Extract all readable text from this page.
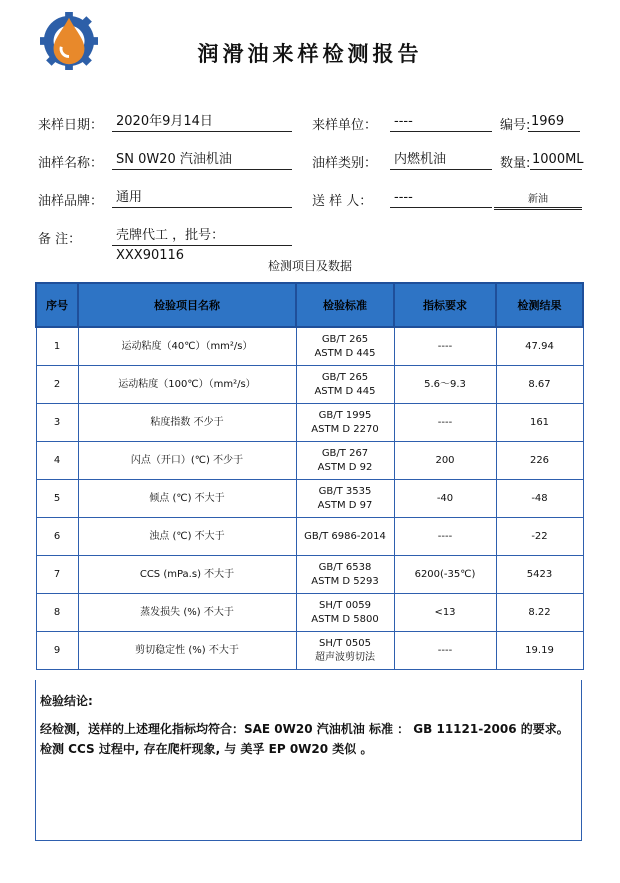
润滑油来样检测报告
来样日期： 2020年9月14日	来样单位：	----	编号: 1969
油样名称： SN 0W20 汽油机油	油样类别：	内燃机油	数量: 1000ML
油样品牌： 通用	送 样 人：	----	新油
备 注：	壳牌代工 ，批号：XXX90116
检测项目及数据
序号	检验项目名称	检验标准	指标要求	检测结果
1	运动粘度（40℃）（mm²/s）	GB/T 265
ASTM D 445	----	47.94
2	运动粘度（100℃）（mm²/s）	GB/T 265
ASTM D 445	5.6～9.3	8.67
3	粘度指数 不少于	GB/T 1995
ASTM D 2270	----	161
4	闪点（开口）(℃) 不少于	GB/T 267
ASTM D 92	200	226
5	倾点 (℃) 不大于	GB/T 3535
ASTM D 97	-40	-48
6	浊点 (℃) 不大于	GB/T 6986-2014	----	-22
7	CCS (mPa.s) 不大于	GB/T 6538
ASTM D 5293	6200(-35℃)	5423
8	蒸发损失 (%) 不大于	SH/T 0059
ASTM D 5800	<13	8.22
9	剪切稳定性 (%) 不大于	SH/T 0505
超声波剪切法	----	19.19
检验结论:
经检测，送样的上述理化指标均符合：SAE 0W20 汽油机油 标准 ： GB 11121-2006 的要求。
检测 CCS 过程中, 存在爬杆现象, 与 美孚 EP 0W20 类似 。
